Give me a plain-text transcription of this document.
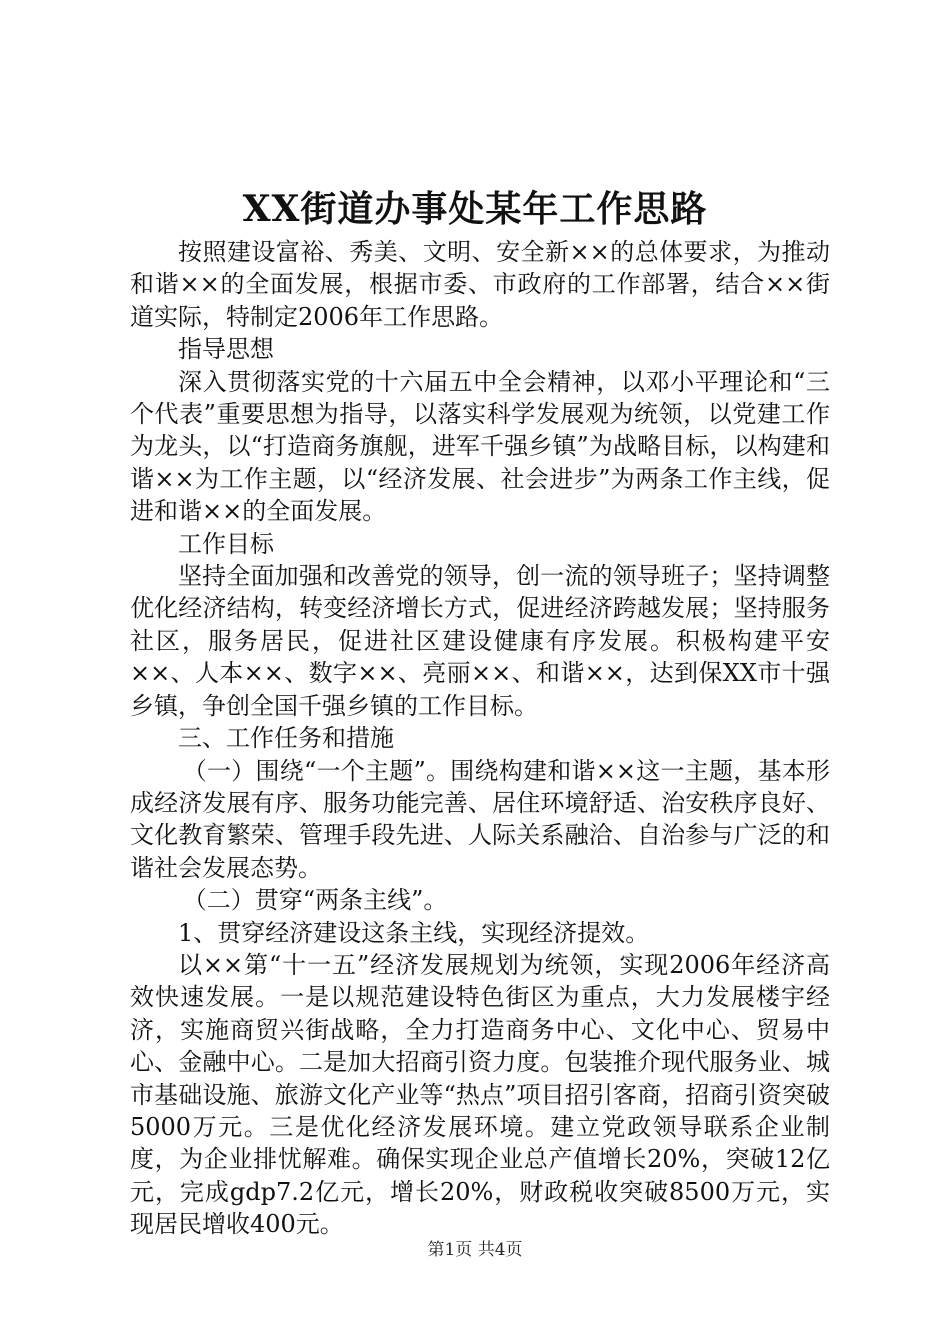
XX街道办事处某年工作思路

按照建设富裕、秀美、文明、安全新××的总体要求，为推动和谐××的全面发展，根据市委、市政府的工作部署，结合××街道实际，特制定2006年工作思路。

指导思想

深入贯彻落实党的十六届五中全会精神，以邓小平理论和“三个代表”重要思想为指导，以落实科学发展观为统领，以党建工作为龙头，以“打造商务旗舰，进军千强乡镇”为战略目标，以构建和谐××为工作主题，以“经济发展、社会进步”为两条工作主线，促进和谐××的全面发展。

工作目标

坚持全面加强和改善党的领导，创一流的领导班子；坚持调整优化经济结构，转变经济增长方式，促进经济跨越发展；坚持服务社区，服务居民，促进社区建设健康有序发展。积极构建平安××、人本××、数字××、亮丽××、和谐××，达到保XX市十强乡镇，争创全国千强乡镇的工作目标。

三、工作任务和措施

（一）围绕“一个主题”。围绕构建和谐××这一主题，基本形成经济发展有序、服务功能完善、居住环境舒适、治安秩序良好、文化教育繁荣、管理手段先进、人际关系融洽、自治参与广泛的和谐社会发展态势。

（二）贯穿“两条主线”。

1、贯穿经济建设这条主线，实现经济提效。

以××第“十一五”经济发展规划为统领，实现2006年经济高效快速发展。一是以规范建设特色街区为重点，大力发展楼宇经济，实施商贸兴街战略，全力打造商务中心、文化中心、贸易中心、金融中心。二是加大招商引资力度。包装推介现代服务业、城市基础设施、旅游文化产业等“热点”项目招引客商，招商引资突破5000万元。三是优化经济发展环境。建立党政领导联系企业制度，为企业排忧解难。确保实现企业总产值增长20%，突破12亿元，完成gdp7.2亿元，增长20%，财政税收突破8500万元，实现居民增收400元。

第1页 共4页
